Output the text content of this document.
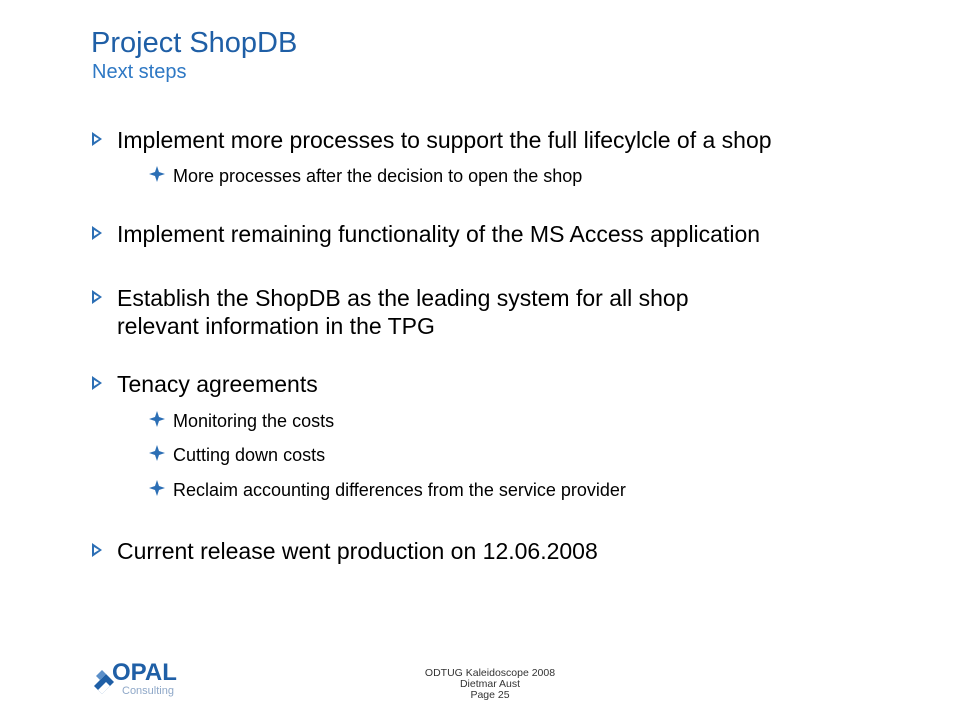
Project ShopDB
Next steps
Implement more processes to support the full lifecylcle of a shop
More processes after the decision to open the shop
Implement remaining functionality of the MS Access application
Establish the ShopDB as the leading system for all shop
relevant information in the TPG
Tenacy agreements
Monitoring the costs
Cutting down costs
Reclaim accounting differences from the service provider
Current release went production on 12.06.2008
OPAL
Consulting
ODTUG Kaleidoscope 2008
Dietmar Aust
Page 25
